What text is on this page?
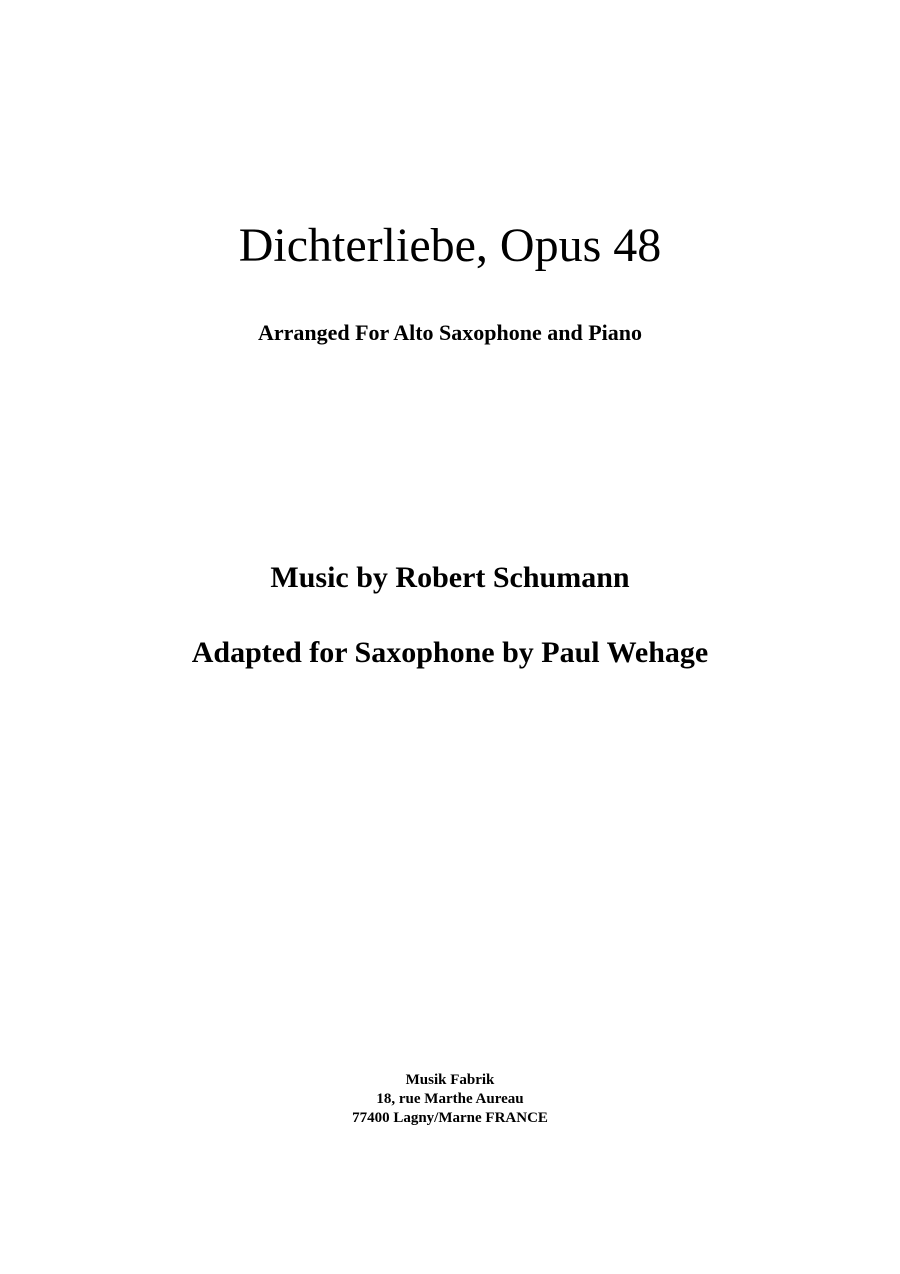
Dichterliebe, Opus 48
Arranged For Alto Saxophone and Piano
Music by Robert Schumann
Adapted for Saxophone by Paul Wehage
Musik Fabrik
18, rue Marthe Aureau
77400 Lagny/Marne FRANCE
